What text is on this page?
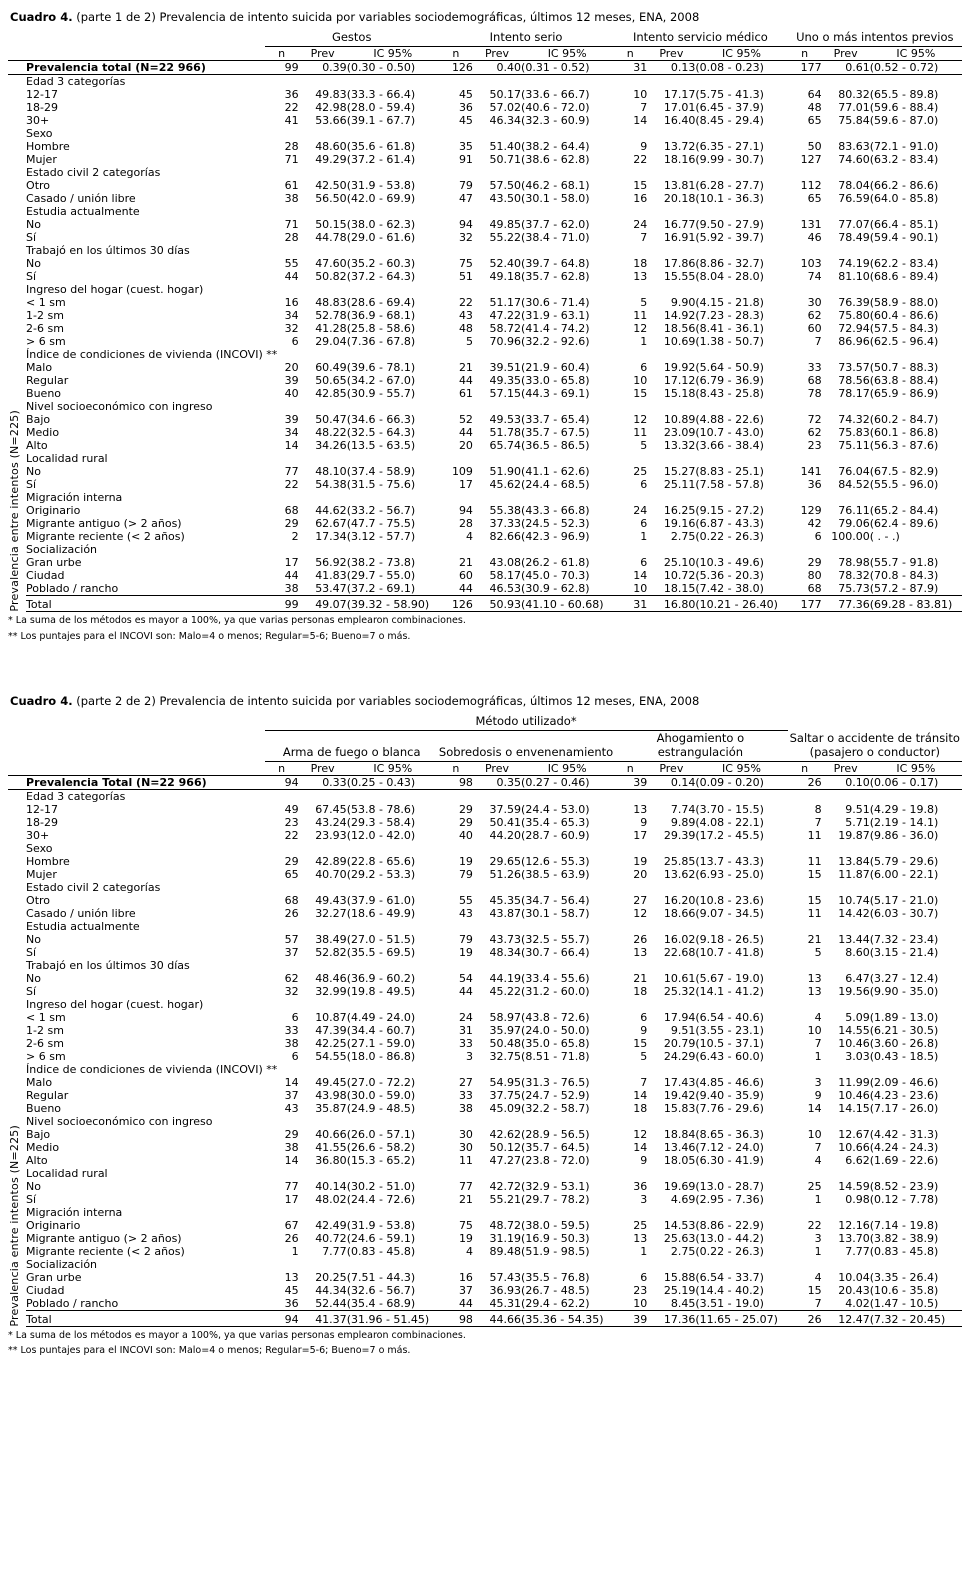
Cuadro 4. (parte 1 de 2) Prevalencia de intento suicida por variables sociodemográficas, últimos 12 meses, ENA, 2008

Gestos	Intento serio	Intento servicio médico	Uno o más intentos previos

		n	Prev	IC 95%	n	Prev	IC 95%	n	Prev	IC 95%	n	Prev	IC 95%
	Prevalencia total (N=22 966)	99	0.39	(0.30 - 0.50)	126	0.40	(0.31 - 0.52)	31	0.13	(0.08 - 0.23)	177	0.61	(0.52 - 0.72)

Prevalencia entre intentos (N=225)

Edad 3 categorías
12-17	36	49.83	(33.3 - 66.4)	45	50.17	(33.6 - 66.7)	10	17.17	(5.75 - 41.3)	64	80.32	(65.5 - 89.8)
18-29	22	42.98	(28.0 - 59.4)	36	57.02	(40.6 - 72.0)	7	17.01	(6.45 - 37.9)	48	77.01	(59.6 - 88.4)
30+	41	53.66	(39.1 - 67.7)	45	46.34	(32.3 - 60.9)	14	16.40	(8.45 - 29.4)	65	75.84	(59.6 - 87.0)
Sexo
Hombre	28	48.60	(35.6 - 61.8)	35	51.40	(38.2 - 64.4)	9	13.72	(6.35 - 27.1)	50	83.63	(72.1 - 91.0)
Mujer	71	49.29	(37.2 - 61.4)	91	50.71	(38.6 - 62.8)	22	18.16	(9.99 - 30.7)	127	74.60	(63.2 - 83.4)
Estado civil 2 categorías
Otro	61	42.50	(31.9 - 53.8)	79	57.50	(46.2 - 68.1)	15	13.81	(6.28 - 27.7)	112	78.04	(66.2 - 86.6)
Casado / unión libre	38	56.50	(42.0 - 69.9)	47	43.50	(30.1 - 58.0)	16	20.18	(10.1 - 36.3)	65	76.59	(64.0 - 85.8)
Estudia actualmente
No	71	50.15	(38.0 - 62.3)	94	49.85	(37.7 - 62.0)	24	16.77	(9.50 - 27.9)	131	77.07	(66.4 - 85.1)
Sí	28	44.78	(29.0 - 61.6)	32	55.22	(38.4 - 71.0)	7	16.91	(5.92 - 39.7)	46	78.49	(59.4 - 90.1)
Trabajó en los últimos 30 días
No	55	47.60	(35.2 - 60.3)	75	52.40	(39.7 - 64.8)	18	17.86	(8.86 - 32.7)	103	74.19	(62.2 - 83.4)
Sí	44	50.82	(37.2 - 64.3)	51	49.18	(35.7 - 62.8)	13	15.55	(8.04 - 28.0)	74	81.10	(68.6 - 89.4)
Ingreso del hogar (cuest. hogar)
< 1 sm	16	48.83	(28.6 - 69.4)	22	51.17	(30.6 - 71.4)	5	9.90	(4.15 - 21.8)	30	76.39	(58.9 - 88.0)
1-2 sm	34	52.78	(36.9 - 68.1)	43	47.22	(31.9 - 63.1)	11	14.92	(7.23 - 28.3)	62	75.80	(60.4 - 86.6)
2-6 sm	32	41.28	(25.8 - 58.6)	48	58.72	(41.4 - 74.2)	12	18.56	(8.41 - 36.1)	60	72.94	(57.5 - 84.3)
> 6 sm	6	29.04	(7.36 - 67.8)	5	70.96	(32.2 - 92.6)	1	10.69	(1.38 - 50.7)	7	86.96	(62.5 - 96.4)
Índice de condiciones de vivienda (INCOVI) **
Malo	20	60.49	(39.6 - 78.1)	21	39.51	(21.9 - 60.4)	6	19.92	(5.64 - 50.9)	33	73.57	(50.7 - 88.3)
Regular	39	50.65	(34.2 - 67.0)	44	49.35	(33.0 - 65.8)	10	17.12	(6.79 - 36.9)	68	78.56	(63.8 - 88.4)
Bueno	40	42.85	(30.9 - 55.7)	61	57.15	(44.3 - 69.1)	15	15.18	(8.43 - 25.8)	78	78.17	(65.9 - 86.9)
Nivel socioeconómico con ingreso
Bajo	39	50.47	(34.6 - 66.3)	52	49.53	(33.7 - 65.4)	12	10.89	(4.88 - 22.6)	72	74.32	(60.2 - 84.7)
Medio	34	48.22	(32.5 - 64.3)	44	51.78	(35.7 - 67.5)	11	23.09	(10.7 - 43.0)	62	75.83	(60.1 - 86.8)
Alto	14	34.26	(13.5 - 63.5)	20	65.74	(36.5 - 86.5)	5	13.32	(3.66 - 38.4)	23	75.11	(56.3 - 87.6)
Localidad rural
No	77	48.10	(37.4 - 58.9)	109	51.90	(41.1 - 62.6)	25	15.27	(8.83 - 25.1)	141	76.04	(67.5 - 82.9)
Sí	22	54.38	(31.5 - 75.6)	17	45.62	(24.4 - 68.5)	6	25.11	(7.58 - 57.8)	36	84.52	(55.5 - 96.0)
Migración interna
Originario	68	44.62	(33.2 - 56.7)	94	55.38	(43.3 - 66.8)	24	16.25	(9.15 - 27.2)	129	76.11	(65.2 - 84.4)
Migrante antiguo (> 2 años)	29	62.67	(47.7 - 75.5)	28	37.33	(24.5 - 52.3)	6	19.16	(6.87 - 43.3)	42	79.06	(62.4 - 89.6)
Migrante reciente (< 2 años)	2	17.34	(3.12 - 57.7)	4	82.66	(42.3 - 96.9)	1	2.75	(0.22 - 26.3)	6	100.00	( . - .)
Socialización
Gran urbe	17	56.92	(38.2 - 73.8)	21	43.08	(26.2 - 61.8)	6	25.10	(10.3 - 49.6)	29	78.98	(55.7 - 91.8)
Ciudad	44	41.83	(29.7 - 55.0)	60	58.17	(45.0 - 70.3)	14	10.72	(5.36 - 20.3)	80	78.32	(70.8 - 84.3)
Poblado / rancho	38	53.47	(37.2 - 69.1)	44	46.53	(30.9 - 62.8)	10	18.15	(7.42 - 38.0)	68	75.73	(57.2 - 87.9)
Total	99	49.07	(39.32 - 58.90)	126	50.93	(41.10 - 60.68)	31	16.80	(10.21 - 26.40)	177	77.36	(69.28 - 83.81)
* La suma de los métodos es mayor a 100%, ya que varias personas emplearon combinaciones.
** Los puntajes para el INCOVI son: Malo=4 o menos; Regular=5-6; Bueno=7 o más.
Cuadro 4. (parte 2 de 2) Prevalencia de intento suicida por variables sociodemográficas, últimos 12 meses, ENA, 2008

Método utilizado*

Arma de fuego o blanca	Sobredosis o envenenamiento

Ahogamiento o estrangulación

Saltar o accidente de tránsito (pasajero o conductor)

		n	Prev	IC 95%	n	Prev	IC 95%	n	Prev	IC 95%	n	Prev	IC 95%
	Prevalencia Total (N=22 966)	94	0.33	(0.25 - 0.43)	98	0.35	(0.27 - 0.46)	39	0.14	(0.09 - 0.20)	26	0.10	(0.06 - 0.17)

Prevalencia entre intentos (N=225)

Edad 3 categorías
12-17	49	67.45	(53.8 - 78.6)	29	37.59	(24.4 - 53.0)	13	7.74	(3.70 - 15.5)	8	9.51	(4.29 - 19.8)
18-29	23	43.24	(29.3 - 58.4)	29	50.41	(35.4 - 65.3)	9	9.89	(4.08 - 22.1)	7	5.71	(2.19 - 14.1)
30+	22	23.93	(12.0 - 42.0)	40	44.20	(28.7 - 60.9)	17	29.39	(17.2 - 45.5)	11	19.87	(9.86 - 36.0)
Sexo
Hombre	29	42.89	(22.8 - 65.6)	19	29.65	(12.6 - 55.3)	19	25.85	(13.7 - 43.3)	11	13.84	(5.79 - 29.6)
Mujer	65	40.70	(29.2 - 53.3)	79	51.26	(38.5 - 63.9)	20	13.62	(6.93 - 25.0)	15	11.87	(6.00 - 22.1)
Estado civil 2 categorías
Otro	68	49.43	(37.9 - 61.0)	55	45.35	(34.7 - 56.4)	27	16.20	(10.8 - 23.6)	15	10.74	(5.17 - 21.0)
Casado / unión libre	26	32.27	(18.6 - 49.9)	43	43.87	(30.1 - 58.7)	12	18.66	(9.07 - 34.5)	11	14.42	(6.03 - 30.7)
Estudia actualmente
No	57	38.49	(27.0 - 51.5)	79	43.73	(32.5 - 55.7)	26	16.02	(9.18 - 26.5)	21	13.44	(7.32 - 23.4)
Sí	37	52.82	(35.5 - 69.5)	19	48.34	(30.7 - 66.4)	13	22.68	(10.7 - 41.8)	5	8.60	(3.15 - 21.4)
Trabajó en los últimos 30 días
No	62	48.46	(36.9 - 60.2)	54	44.19	(33.4 - 55.6)	21	10.61	(5.67 - 19.0)	13	6.47	(3.27 - 12.4)
Sí	32	32.99	(19.8 - 49.5)	44	45.22	(31.2 - 60.0)	18	25.32	(14.1 - 41.2)	13	19.56	(9.90 - 35.0)
Ingreso del hogar (cuest. hogar)
< 1 sm	6	10.87	(4.49 - 24.0)	24	58.97	(43.8 - 72.6)	6	17.94	(6.54 - 40.6)	4	5.09	(1.89 - 13.0)
1-2 sm	33	47.39	(34.4 - 60.7)	31	35.97	(24.0 - 50.0)	9	9.51	(3.55 - 23.1)	10	14.55	(6.21 - 30.5)
2-6 sm	38	42.25	(27.1 - 59.0)	33	50.48	(35.0 - 65.8)	15	20.79	(10.5 - 37.1)	7	10.46	(3.60 - 26.8)
> 6 sm	6	54.55	(18.0 - 86.8)	3	32.75	(8.51 - 71.8)	5	24.29	(6.43 - 60.0)	1	3.03	(0.43 - 18.5)
Índice de condiciones de vivienda (INCOVI) **
Malo	14	49.45	(27.0 - 72.2)	27	54.95	(31.3 - 76.5)	7	17.43	(4.85 - 46.6)	3	11.99	(2.09 - 46.6)
Regular	37	43.98	(30.0 - 59.0)	33	37.75	(24.7 - 52.9)	14	19.42	(9.40 - 35.9)	9	10.46	(4.23 - 23.6)
Bueno	43	35.87	(24.9 - 48.5)	38	45.09	(32.2 - 58.7)	18	15.83	(7.76 - 29.6)	14	14.15	(7.17 - 26.0)
Nivel socioeconómico con ingreso
Bajo	29	40.66	(26.0 - 57.1)	30	42.62	(28.9 - 56.5)	12	18.84	(8.65 - 36.3)	10	12.67	(4.42 - 31.3)
Medio	38	41.55	(26.6 - 58.2)	30	50.12	(35.7 - 64.5)	14	13.46	(7.12 - 24.0)	7	10.66	(4.24 - 24.3)
Alto	14	36.80	(15.3 - 65.2)	11	47.27	(23.8 - 72.0)	9	18.05	(6.30 - 41.9)	4	6.62	(1.69 - 22.6)
Localidad rural
No	77	40.14	(30.2 - 51.0)	77	42.72	(32.9 - 53.1)	36	19.69	(13.0 - 28.7)	25	14.59	(8.52 - 23.9)
Sí	17	48.02	(24.4 - 72.6)	21	55.21	(29.7 - 78.2)	3	4.69	(2.95 - 7.36)	1	0.98	(0.12 - 7.78)
Migración interna
Originario	67	42.49	(31.9 - 53.8)	75	48.72	(38.0 - 59.5)	25	14.53	(8.86 - 22.9)	22	12.16	(7.14 - 19.8)
Migrante antiguo (> 2 años)	26	40.72	(24.6 - 59.1)	19	31.19	(16.9 - 50.3)	13	25.63	(13.0 - 44.2)	3	13.70	(3.82 - 38.9)
Migrante reciente (< 2 años)	1	7.77	(0.83 - 45.8)	4	89.48	(51.9 - 98.5)	1	2.75	(0.22 - 26.3)	1	7.77	(0.83 - 45.8)
Socialización
Gran urbe	13	20.25	(7.51 - 44.3)	16	57.43	(35.5 - 76.8)	6	15.88	(6.54 - 33.7)	4	10.04	(3.35 - 26.4)
Ciudad	45	44.34	(32.6 - 56.7)	37	36.93	(26.7 - 48.5)	23	25.19	(14.4 - 40.2)	15	20.43	(10.6 - 35.8)
Poblado / rancho	36	52.44	(35.4 - 68.9)	44	45.31	(29.4 - 62.2)	10	8.45	(3.51 - 19.0)	7	4.02	(1.47 - 10.5)
Total	94	41.37	(31.96 - 51.45)	98	44.66	(35.36 - 54.35)	39	17.36	(11.65 - 25.07)	26	12.47	(7.32 - 20.45)
* La suma de los métodos es mayor a 100%, ya que varias personas emplearon combinaciones.
** Los puntajes para el INCOVI son: Malo=4 o menos; Regular=5-6; Bueno=7 o más.
